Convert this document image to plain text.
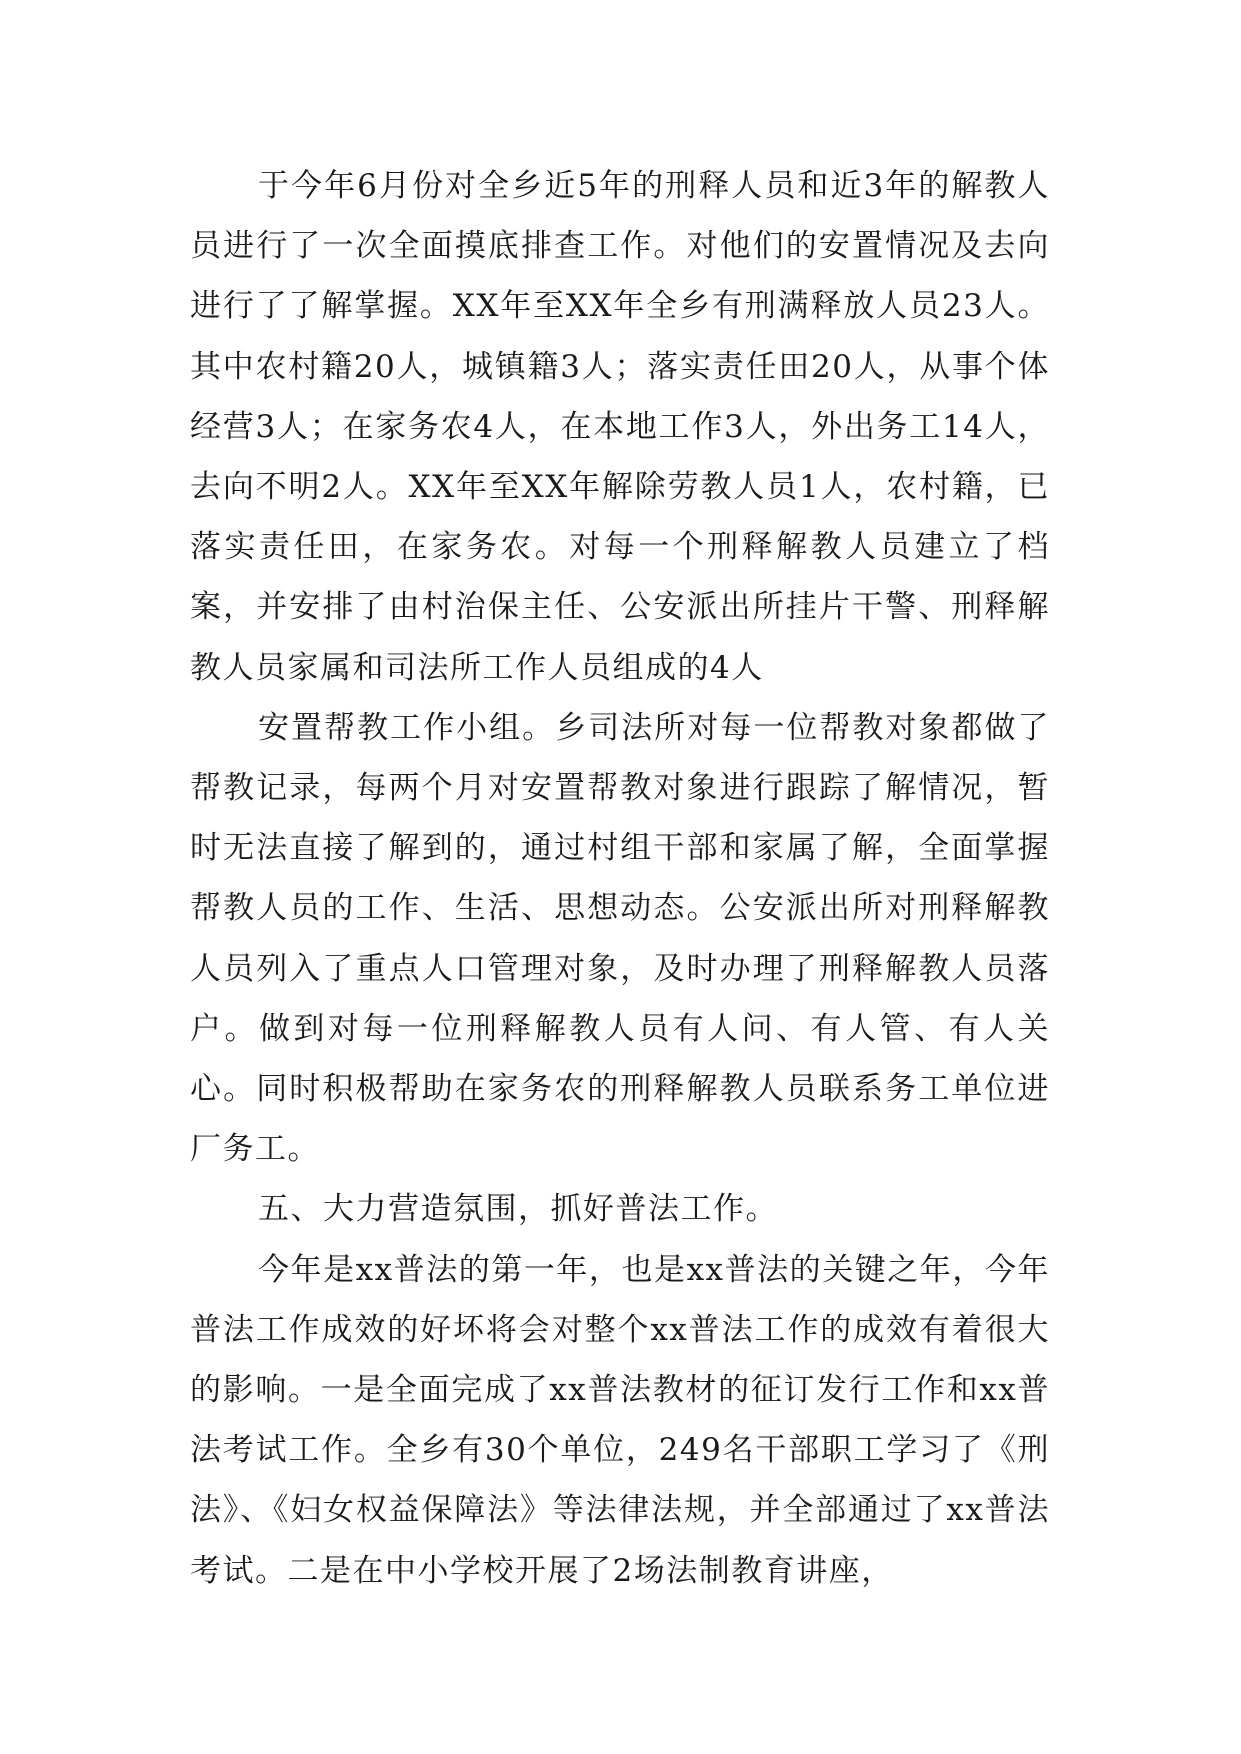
于今年6月份对全乡近5年的刑释人员和近3年的解教人员进行了一次全面摸底排查工作。对他们的安置情况及去向进行了了解掌握。XX年至XX年全乡有刑满释放人员23人。其中农村籍20人，城镇籍3人；落实责任田20人，从事个体经营3人；在家务农4人，在本地工作3人，外出务工14人，去向不明2人。XX年至XX年解除劳教人员1人，农村籍，已落实责任田，在家务农。对每一个刑释解教人员建立了档案，并安排了由村治保主任、公安派出所挂片干警、刑释解教人员家属和司法所工作人员组成的4人

安置帮教工作小组。乡司法所对每一位帮教对象都做了帮教记录，每两个月对安置帮教对象进行跟踪了解情况，暂时无法直接了解到的，通过村组干部和家属了解，全面掌握帮教人员的工作、生活、思想动态。公安派出所对刑释解教人员列入了重点人口管理对象，及时办理了刑释解教人员落户。做到对每一位刑释解教人员有人问、有人管、有人关心。同时积极帮助在家务农的刑释解教人员联系务工单位进厂务工。

五、大力营造氛围，抓好普法工作。

今年是xx普法的第一年，也是xx普法的关键之年，今年普法工作成效的好坏将会对整个xx普法工作的成效有着很大的影响。一是全面完成了xx普法教材的征订发行工作和xx普法考试工作。全乡有30个单位，249名干部职工学习了《刑法》、《妇女权益保障法》等法律法规，并全部通过了xx普法考试。二是在中小学校开展了2场法制教育讲座，
